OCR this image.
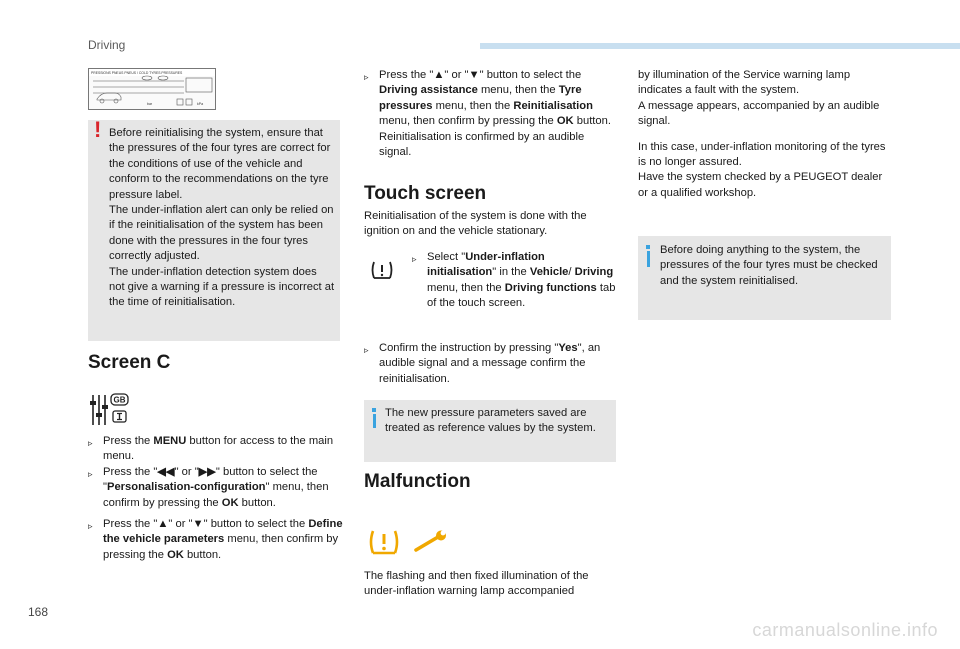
Driving
PRESSIONS PNEUS PNEUS / COLD TYRES PRESSURES
bar	kPa
! Before reinitialising the system, ensure that the pressures of the four tyres are correct for the conditions of use of the vehicle and conform to the recommendations on the tyre pressure label.

The under-inflation alert can only be relied on if the reinitialisation of the system has been done with the pressures in the four tyres correctly adjusted.

The under-inflation detection system does not give a warning if a pressure is incorrect at the time of reinitialisation.

Screen C
GB
▹ Press the MENU button for access to the main menu.
▹ Press the "◀◀" or "▶▶" button to select the "Personalisation-configuration" menu, then confirm by pressing the OK button.
▹ Press the "▲" or "▼" button to select the Define the vehicle parameters menu, then confirm by pressing the OK button.
▹ Press the "▲" or "▼" button to select the Driving assistance menu, then the Tyre pressures menu, then the Reinitialisation menu, then confirm by pressing the OK button.
Reinitialisation is confirmed by an audible signal.
Touch screen
Reinitialisation of the system is done with the ignition on and the vehicle stationary.
▹ Select "Under-inflation initialisation" in the Vehicle/ Driving menu, then the Driving functions tab of the touch screen.
▹ Confirm the instruction by pressing "Yes", an audible signal and a message confirm the reinitialisation.
The new pressure parameters saved are treated as reference values by the system.
Malfunction
The flashing and then fixed illumination of the under-inflation warning lamp accompanied

by illumination of the Service warning lamp indicates a fault with the system.

A message appears, accompanied by an audible signal.

In this case, under-inflation monitoring of the tyres is no longer assured.

Have the system checked by a PEUGEOT dealer or a qualified workshop.

Before doing anything to the system, the pressures of the four tyres must be checked and the system reinitialised.
168
carmanualsonline.info
